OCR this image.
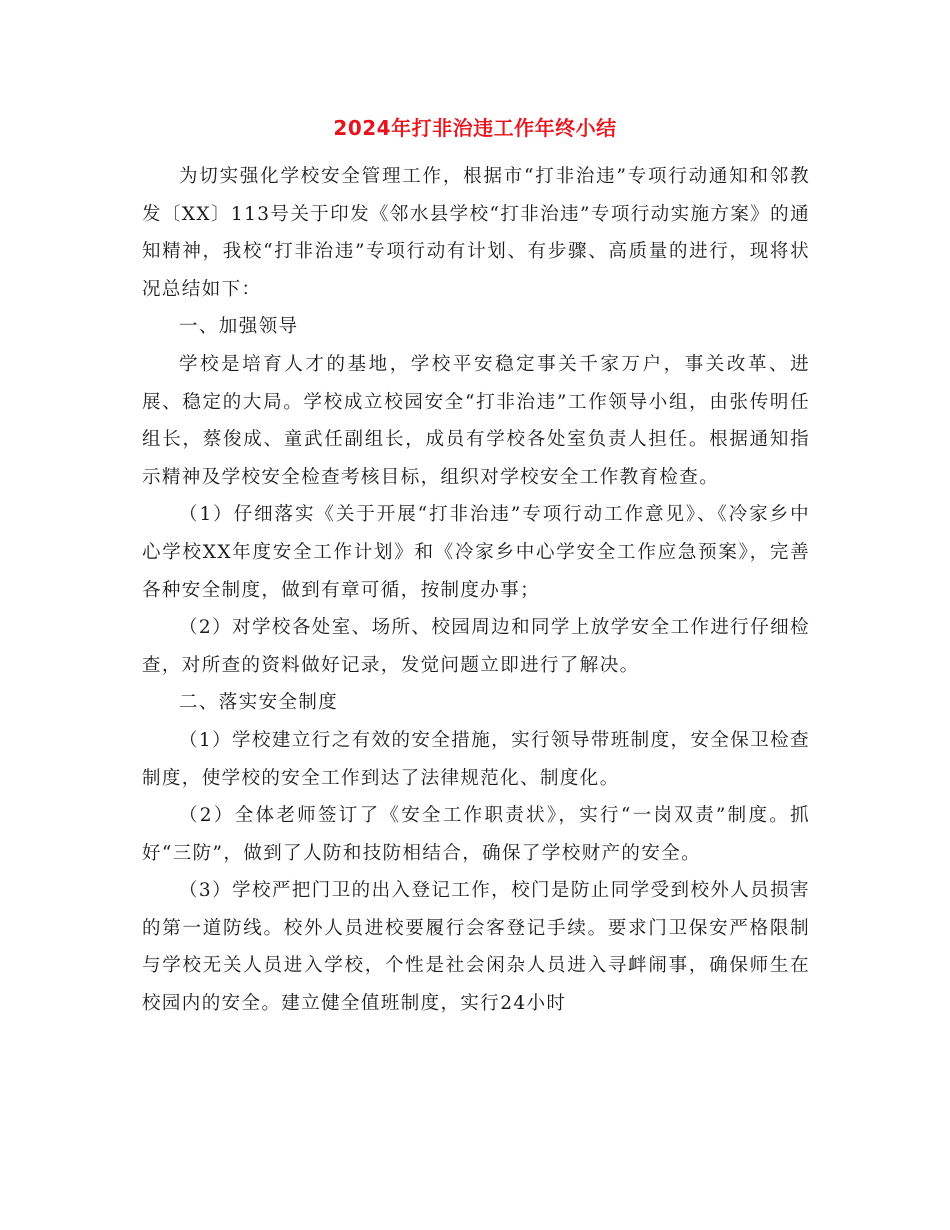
2024年打非治违工作年终小结

为切实强化学校安全管理工作，根据市“打非治违”专项行动通知和邻教发〔XX〕113号关于印发《邻水县学校“打非治违”专项行动实施方案》的通知精神，我校“打非治违”专项行动有计划、有步骤、高质量的进行，现将状况总结如下：

一、加强领导

学校是培育人才的基地，学校平安稳定事关千家万户，事关改革、进展、稳定的大局。学校成立校园安全“打非治违”工作领导小组，由张传明任组长，蔡俊成、童武任副组长，成员有学校各处室负责人担任。根据通知指示精神及学校安全检查考核目标，组织对学校安全工作教育检查。

（1）仔细落实《关于开展“打非治违”专项行动工作意见》、《冷家乡中心学校XX年度安全工作计划》和《冷家乡中心学安全工作应急预案》，完善各种安全制度，做到有章可循，按制度办事；

（2）对学校各处室、场所、校园周边和同学上放学安全工作进行仔细检查，对所查的资料做好记录，发觉问题立即进行了解决。

二、落实安全制度

（1）学校建立行之有效的安全措施，实行领导带班制度，安全保卫检查制度，使学校的安全工作到达了法律规范化、制度化。

（2）全体老师签订了《安全工作职责状》，实行“一岗双责”制度。抓好“三防”，做到了人防和技防相结合，确保了学校财产的安全。

（3）学校严把门卫的出入登记工作，校门是防止同学受到校外人员损害的第一道防线。校外人员进校要履行会客登记手续。要求门卫保安严格限制与学校无关人员进入学校，个性是社会闲杂人员进入寻衅闹事，确保师生在校园内的安全。建立健全值班制度，实行24小时
